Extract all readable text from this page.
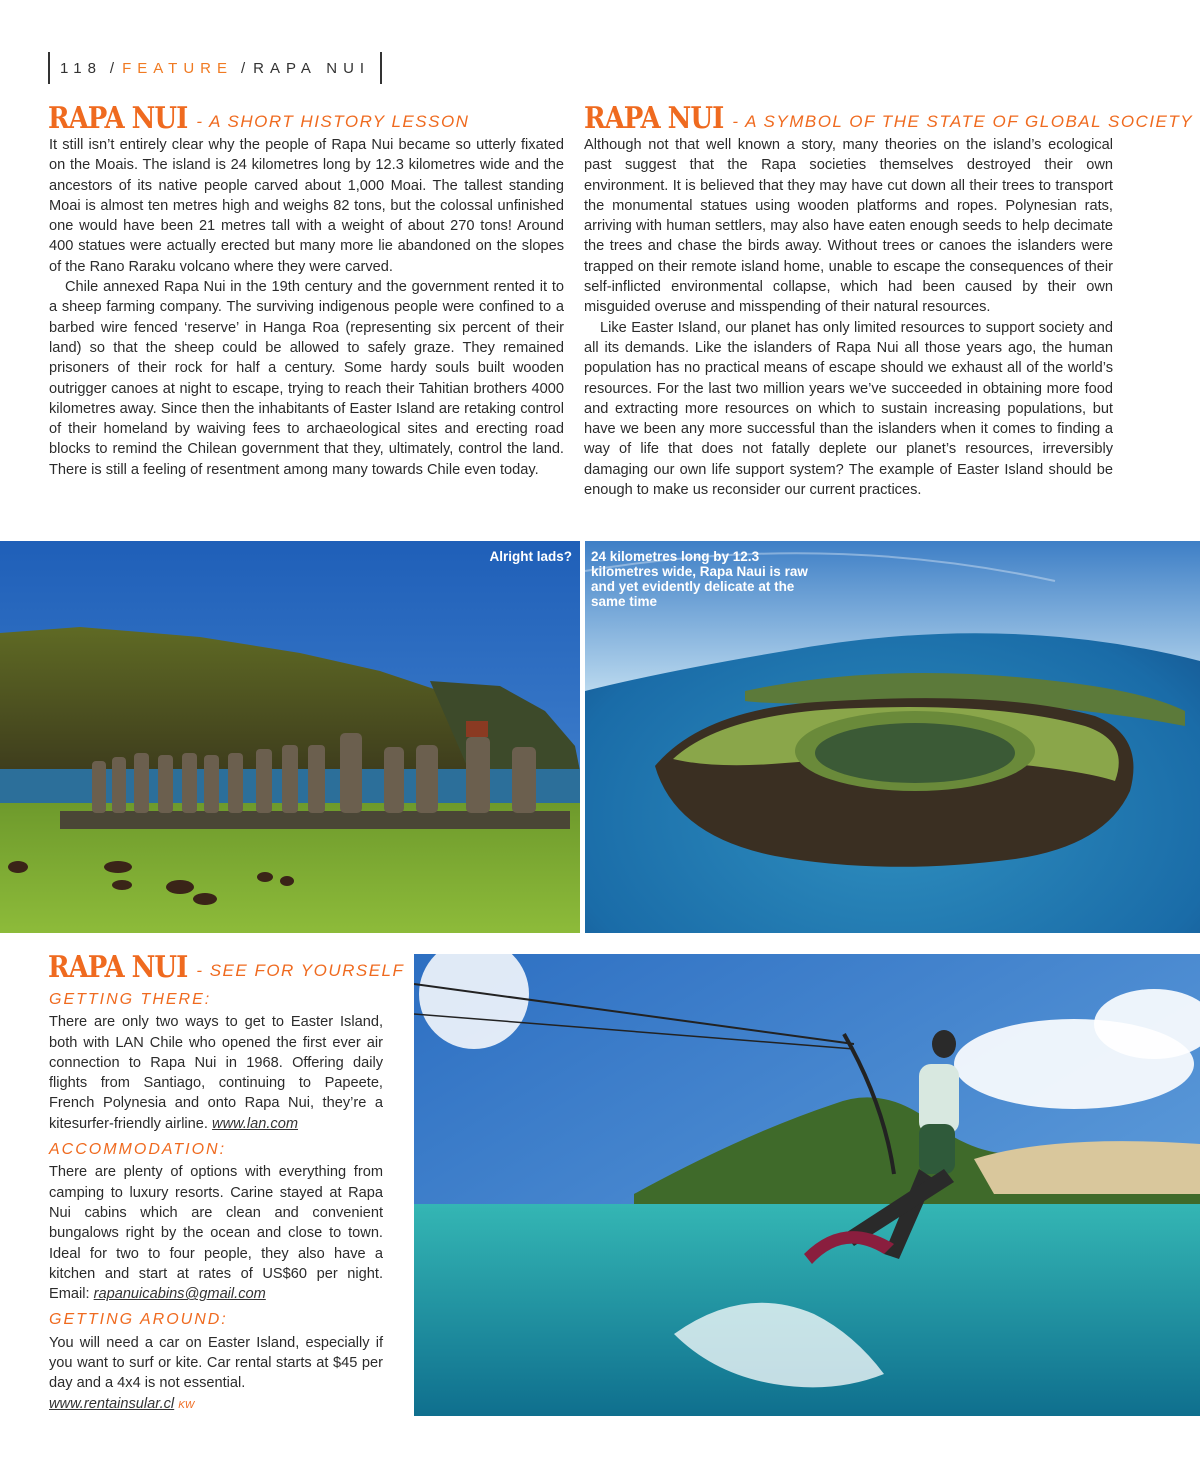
118 / FEATURE / RAPA NUI
RAPA NUI - A SHORT HISTORY LESSON

It still isn’t entirely clear why the people of Rapa Nui became so utterly fixated on the Moais. The island is 24 kilometres long by 12.3 kilometres wide and the ancestors of its native people carved about 1,000 Moai. The tallest standing Moai is almost ten metres high and weighs 82 tons, but the colossal unfinished one would have been 21 metres tall with a weight of about 270 tons! Around 400 statues were actually erected but many more lie abandoned on the slopes of the Rano Raraku volcano where they were carved.

Chile annexed Rapa Nui in the 19th century and the government rented it to a sheep farming company. The surviving indigenous people were confined to a barbed wire fenced ‘reserve’ in Hanga Roa (representing six percent of their land) so that the sheep could be allowed to safely graze. They remained prisoners of their rock for half a century. Some hardy souls built wooden outrigger canoes at night to escape, trying to reach their Tahitian brothers 4000 kilometres away. Since then the inhabitants of Easter Island are retaking control of their homeland by waiving fees to archaeological sites and erecting road blocks to remind the Chilean government that they, ultimately, control the land. There is still a feeling of resentment among many towards Chile even today.

RAPA NUI - A SYMBOL OF THE STATE OF GLOBAL SOCIETY

Although not that well known a story, many theories on the island’s ecological past suggest that the Rapa societies themselves destroyed their own environment. It is believed that they may have cut down all their trees to transport the monumental statues using wooden platforms and ropes. Polynesian rats, arriving with human settlers, may also have eaten enough seeds to help decimate the trees and chase the birds away. Without trees or canoes the islanders were trapped on their remote island home, unable to escape the consequences of their self-inflicted environmental collapse, which had been caused by their own misguided overuse and misspending of their natural resources.

Like Easter Island, our planet has only limited resources to support society and all its demands. Like the islanders of Rapa Nui all those years ago, the human population has no practical means of escape should we exhaust all of the world’s resources. For the last two million years we’ve succeeded in obtaining more food and extracting more resources on which to sustain increasing populations, but have we been any more successful than the islanders when it comes to finding a way of life that does not fatally deplete our planet’s resources, irreversibly damaging our own life support system? The example of Easter Island should be enough to make us reconsider our current practices.

Alright lads? 24 kilometres long by 12.3 kilometres wide, Rapa Naui is raw and yet evidently delicate at the same time
RAPA NUI - SEE FOR YOURSELF
GETTING THERE:

There are only two ways to get to Easter Island, both with LAN Chile who opened the first ever air connection to Rapa Nui in 1968. Offering daily flights from Santiago, continuing to Papeete, French Polynesia and onto Rapa Nui, they’re a kitesurfer-friendly airline. www.lan.com

ACCOMMODATION:

There are plenty of options with everything from camping to luxury resorts. Carine stayed at Rapa Nui cabins which are clean and convenient bungalows right by the ocean and close to town. Ideal for two to four people, they also have a kitchen and start at rates of US$60 per night. Email: rapanuicabins@gmail.com

GETTING AROUND:

You will need a car on Easter Island, especially if you want to surf or kite. Car rental starts at $45 per day and a 4x4 is not essential.
www.rentainsular.cl KW
